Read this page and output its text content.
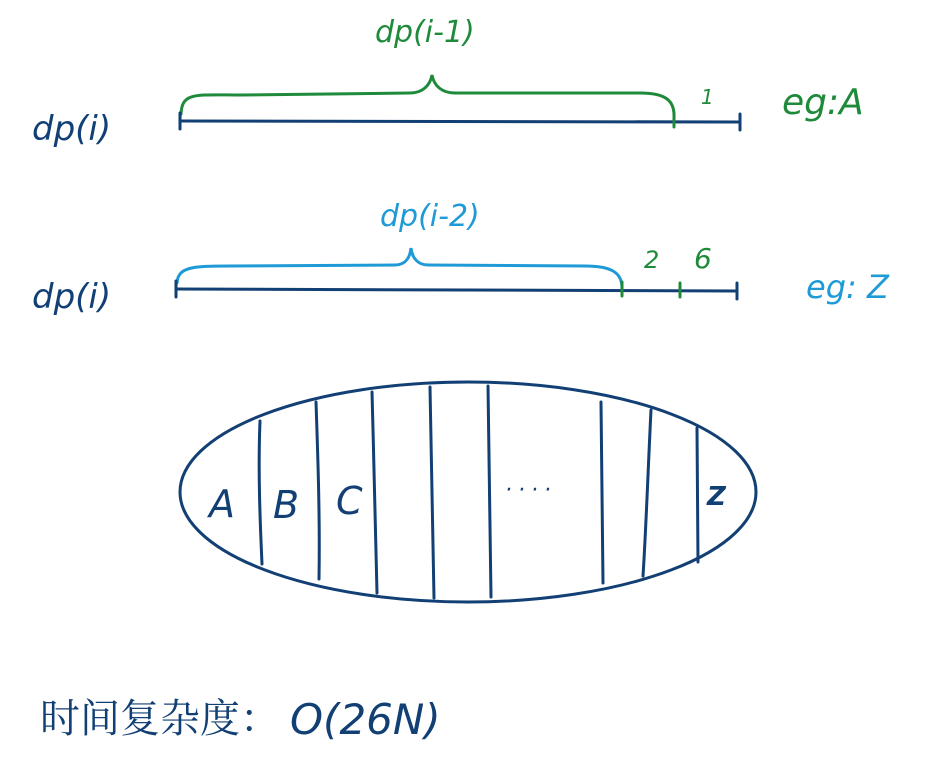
dp(i)
dp(i-1)
1 eg:A
dp(i)
dp(i-2)
2 6
eg: Z
A B C	····	Z
时间复杂度： O(26N)
